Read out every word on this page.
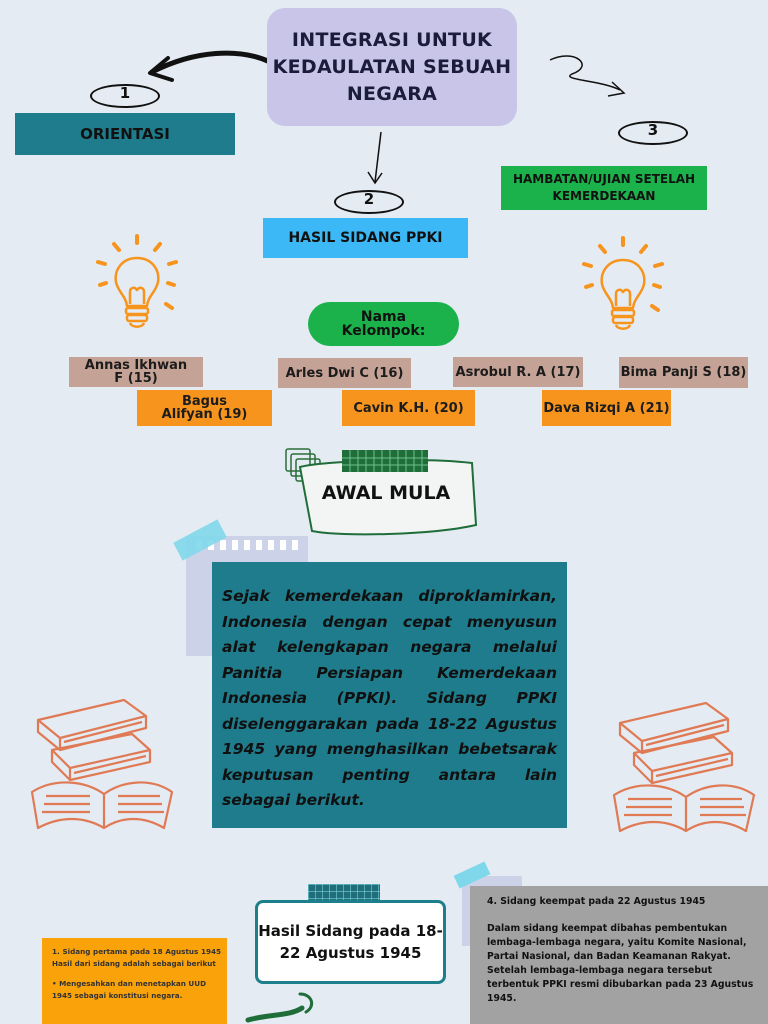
INTEGRASI UNTUK KEDAULATAN SEBUAH NEGARA
1
ORIENTASI
2
HASIL SIDANG PPKI
3
HAMBATAN/UJIAN SETELAH KEMERDEKAAN
Nama Kelompok:
Annas Ikhwan F (15)	Arles Dwi C (16)	Asrobul R. A (17)	Bima Panji S (18)
Bagus Alifyan (19)	Cavin K.H. (20)	Dava Rizqi A (21)
AWAL MULA
Sejak kemerdekaan diproklamirkan, Indonesia dengan cepat menyusun alat kelengkapan negara melalui Panitia Persiapan Kemerdekaan Indonesia (PPKI). Sidang PPKI diselenggarakan pada 18-22 Agustus 1945 yang menghasilkan bebetsarak keputusan penting antara lain sebagai berikut.
Hasil Sidang pada 18-22 Agustus 1945
1. Sidang pertama pada 18 Agustus 1945 Hasil dari sidang adalah sebagai berikut
• Mengesahkan dan menetapkan UUD 1945 sebagai konstitusi negara.
4. Sidang keempat pada 22 Agustus 1945
Dalam sidang keempat dibahas pembentukan lembaga-lembaga negara, yaitu Komite Nasional, Partai Nasional, dan Badan Keamanan Rakyat. Setelah lembaga-lembaga negara tersebut terbentuk PPKI resmi dibubarkan pada 23 Agustus 1945.
